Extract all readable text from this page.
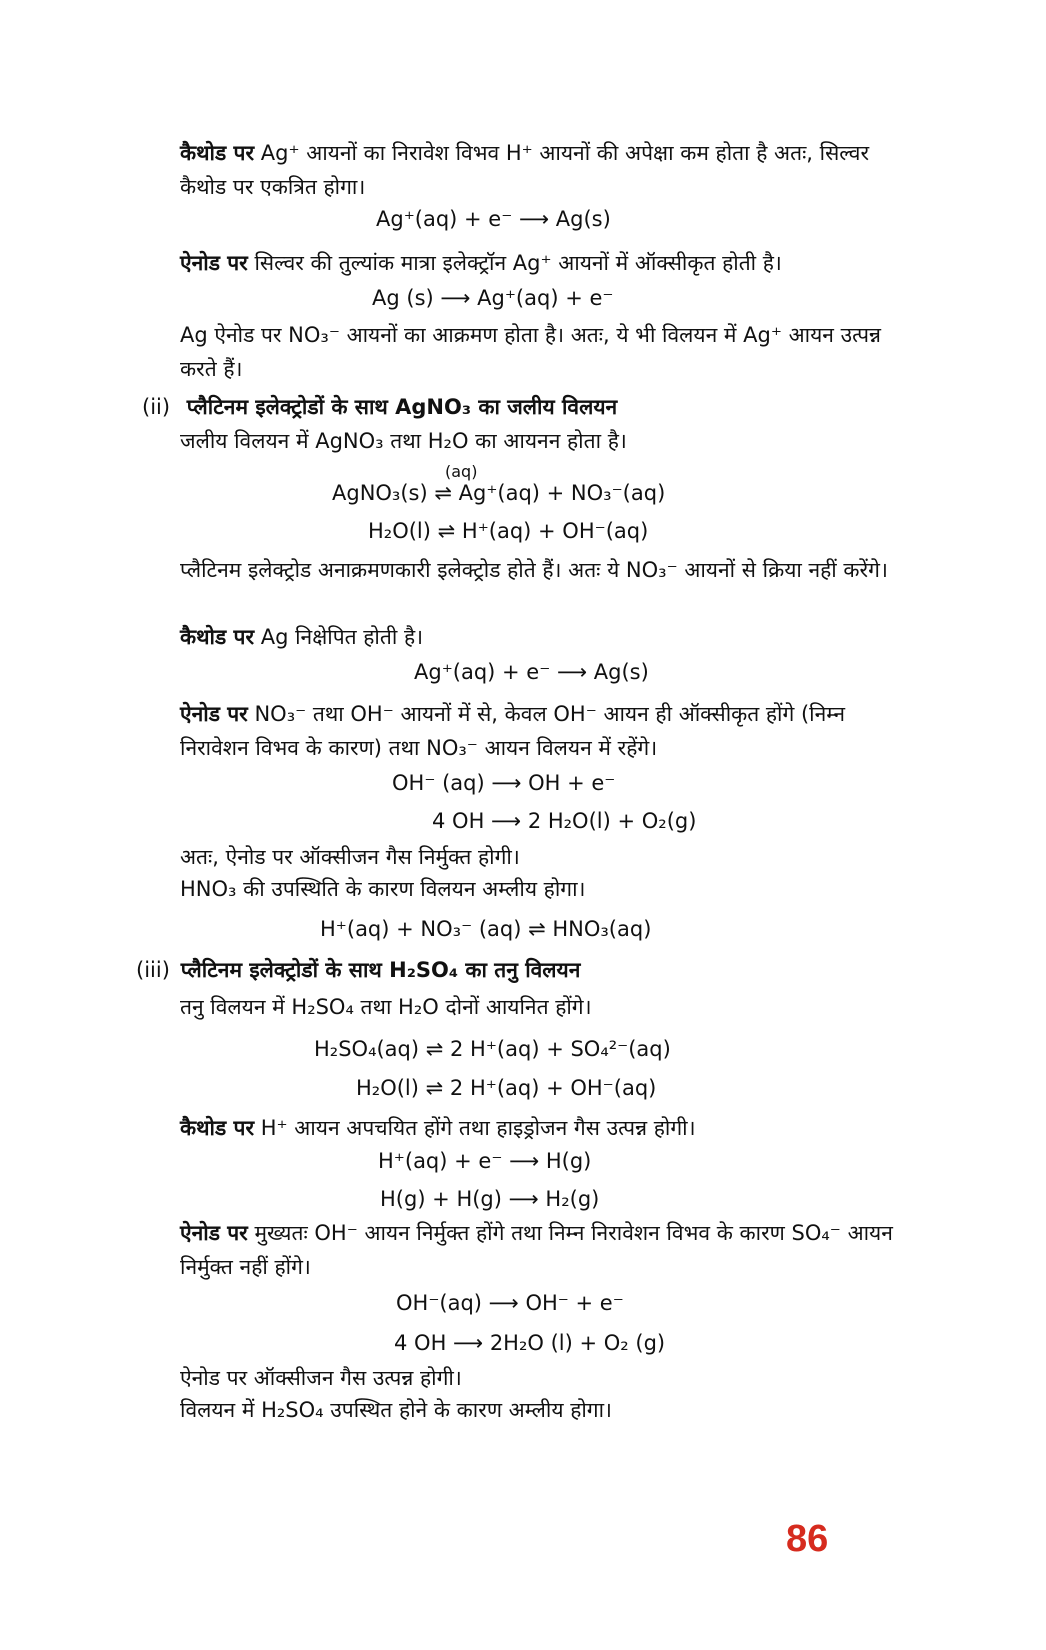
कैथोड पर Ag⁺ आयनों का निरावेश विभव H⁺ आयनों की अपेक्षा कम होता है अतः, सिल्वर कैथोड पर एकत्रित होगा।
Ag⁺(aq) + e⁻ ⟶ Ag(s)
ऐनोड पर सिल्वर की तुल्यांक मात्रा इलेक्ट्रॉन Ag⁺ आयनों में ऑक्सीकृत होती है।
Ag (s) ⟶ Ag⁺(aq) + e⁻
Ag ऐनोड पर NO₃⁻ आयनों का आक्रमण होता है। अतः, ये भी विलयन में Ag⁺ आयन उत्पन्न करते हैं।
(ii) प्लैटिनम इलेक्ट्रोडों के साथ AgNO₃ का जलीय विलयन
जलीय विलयन में AgNO₃ तथा H₂O का आयनन होता है।
(aq)
AgNO₃(s) ⇌ Ag⁺(aq) + NO₃⁻(aq)
H₂O(l) ⇌ H⁺(aq) + OH⁻(aq)
प्लैटिनम इलेक्ट्रोड अनाक्रमणकारी इलेक्ट्रोड होते हैं। अतः ये NO₃⁻ आयनों से क्रिया नहीं करेंगे।
कैथोड पर Ag निक्षेपित होती है।
Ag⁺(aq) + e⁻ ⟶ Ag(s)
ऐनोड पर NO₃⁻ तथा OH⁻ आयनों में से, केवल OH⁻ आयन ही ऑक्सीकृत होंगे (निम्न निरावेशन विभव के कारण) तथा NO₃⁻ आयन विलयन में रहेंगे।
OH⁻ (aq) ⟶ OH + e⁻
4 OH ⟶ 2 H₂O(l) + O₂(g)
अतः, ऐनोड पर ऑक्सीजन गैस निर्मुक्त होगी।
HNO₃ की उपस्थिति के कारण विलयन अम्लीय होगा।
H⁺(aq) + NO₃⁻ (aq) ⇌ HNO₃(aq)
(iii) प्लैटिनम इलेक्ट्रोडों के साथ H₂SO₄ का तनु विलयन
तनु विलयन में H₂SO₄ तथा H₂O दोनों आयनित होंगे।
H₂SO₄(aq) ⇌ 2 H⁺(aq) + SO₄²⁻(aq)
H₂O(l) ⇌ 2 H⁺(aq) + OH⁻(aq)
कैथोड पर H⁺ आयन अपचयित होंगे तथा हाइड्रोजन गैस उत्पन्न होगी।
H⁺(aq) + e⁻ ⟶ H(g)
H(g) + H(g) ⟶ H₂(g)
ऐनोड पर मुख्यतः OH⁻ आयन निर्मुक्त होंगे तथा निम्न निरावेशन विभव के कारण SO₄⁻ आयन निर्मुक्त नहीं होंगे।
OH⁻(aq) ⟶ OH⁻ + e⁻
4 OH ⟶ 2H₂O (l) + O₂ (g)
ऐनोड पर ऑक्सीजन गैस उत्पन्न होगी।
विलयन में H₂SO₄ उपस्थित होने के कारण अम्लीय होगा।
86
